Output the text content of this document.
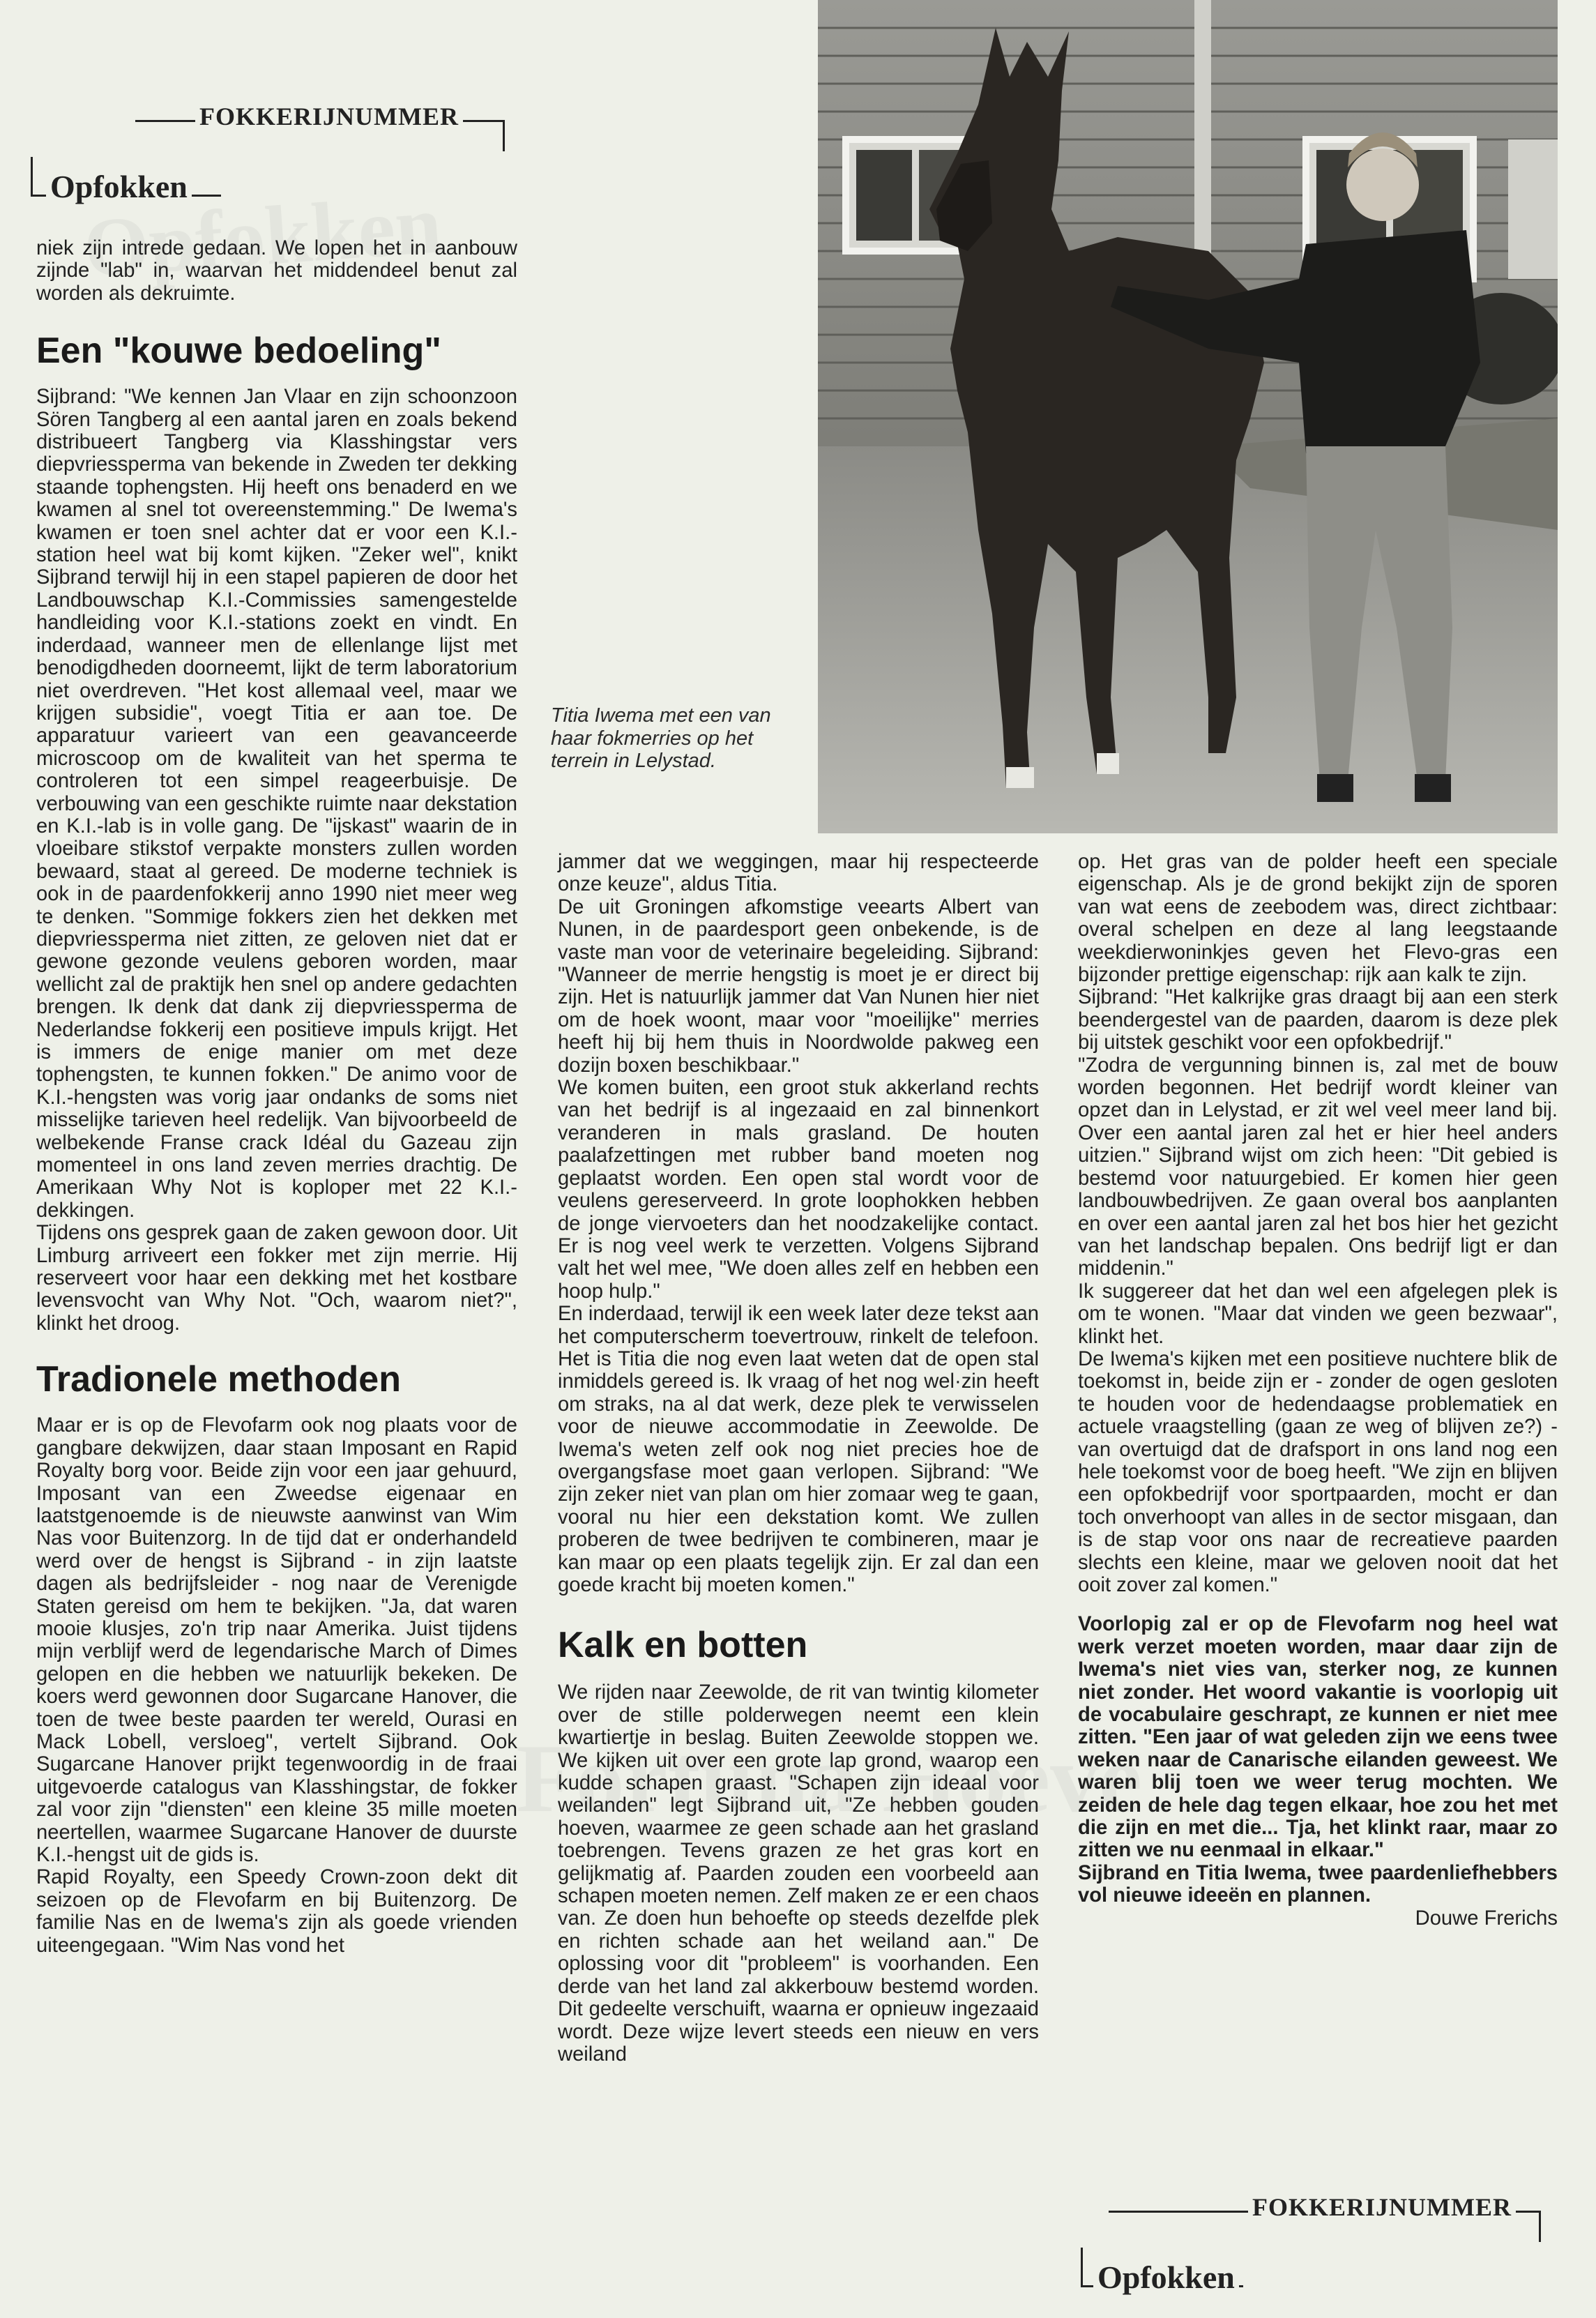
FOKKERIJNUMMER
Opfokken
Titia Iwema met een van haar fokmerries op het terrein in Lelystad.

niek zijn intrede gedaan. We lopen het in aanbouw zijnde "lab" in, waarvan het middendeel benut zal worden als dekruimte.

Een "kouwe bedoeling"

Sijbrand: "We kennen Jan Vlaar en zijn schoonzoon Sören Tangberg al een aantal jaren en zoals bekend distribueert Tangberg via Klasshingstar vers diepvriessperma van bekende in Zweden ter dekking staande tophengsten. Hij heeft ons benaderd en we kwamen al snel tot overeenstemming." De Iwema's kwamen er toen snel achter dat er voor een K.I.-station heel wat bij komt kijken. "Zeker wel", knikt Sijbrand terwijl hij in een stapel papieren de door het Landbouwschap K.I.-Commissies samengestelde handleiding voor K.I.-stations zoekt en vindt. En inderdaad, wanneer men de ellenlange lijst met benodigdheden doorneemt, lijkt de term laboratorium niet overdreven. "Het kost allemaal veel, maar we krijgen subsidie", voegt Titia er aan toe. De apparatuur varieert van een geavanceerde microscoop om de kwaliteit van het sperma te controleren tot een simpel reageerbuisje. De verbouwing van een geschikte ruimte naar dekstation en K.I.-lab is in volle gang. De "ijskast" waarin de in vloeibare stikstof verpakte monsters zullen worden bewaard, staat al gereed. De moderne techniek is ook in de paardenfokkerij anno 1990 niet meer weg te denken. "Sommige fokkers zien het dekken met diepvriessperma niet zitten, ze geloven niet dat er gewone gezonde veulens geboren worden, maar wellicht zal de praktijk hen snel op andere gedachten brengen. Ik denk dat dank zij diepvriessperma de Nederlandse fokkerij een positieve impuls krijgt. Het is immers de enige manier om met deze tophengsten, te kunnen fokken." De animo voor de K.I.-hengsten was vorig jaar ondanks de soms niet misselijke tarieven heel redelijk. Van bijvoorbeeld de welbekende Franse crack Idéal du Gazeau zijn momenteel in ons land zeven merries drachtig. De Amerikaan Why Not is koploper met 22 K.I.-dekkingen.

Tijdens ons gesprek gaan de zaken gewoon door. Uit Limburg arriveert een fokker met zijn merrie. Hij reserveert voor haar een dekking met het kostbare levensvocht van Why Not. "Och, waarom niet?", klinkt het droog.

Tradionele methoden

Maar er is op de Flevofarm ook nog plaats voor de gangbare dekwijzen, daar staan Imposant en Rapid Royalty borg voor. Beide zijn voor een jaar gehuurd, Imposant van een Zweedse eigenaar en laatstgenoemde is de nieuwste aanwinst van Wim Nas voor Buitenzorg. In de tijd dat er onderhandeld werd over de hengst is Sijbrand - in zijn laatste dagen als bedrijfsleider - nog naar de Verenigde Staten gereisd om hem te bekijken. "Ja, dat waren mooie klusjes, zo'n trip naar Amerika. Juist tijdens mijn verblijf werd de legendarische March of Dimes gelopen en die hebben we natuurlijk bekeken. De koers werd gewonnen door Sugarcane Hanover, die toen de twee beste paarden ter wereld, Ourasi en Mack Lobell, versloeg", vertelt Sijbrand. Ook Sugarcane Hanover prijkt tegenwoordig in de fraai uitgevoerde catalogus van Klasshingstar, de fokker zal voor zijn "diensten" een kleine 35 mille moeten neertellen, waarmee Sugarcane Hanover de duurste K.I.-hengst uit de gids is.

Rapid Royalty, een Speedy Crown-zoon dekt dit seizoen op de Flevofarm en bij Buitenzorg. De familie Nas en de Iwema's zijn als goede vrienden uiteengegaan. "Wim Nas vond het

jammer dat we weggingen, maar hij respecteerde onze keuze", aldus Titia.

De uit Groningen afkomstige veearts Albert van Nunen, in de paardesport geen onbekende, is de vaste man voor de veterinaire begeleiding. Sijbrand: "Wanneer de merrie hengstig is moet je er direct bij zijn. Het is natuurlijk jammer dat Van Nunen hier niet om de hoek woont, maar voor "moeilijke" merries heeft hij bij hem thuis in Noordwolde pakweg een dozijn boxen beschikbaar."

We komen buiten, een groot stuk akkerland rechts van het bedrijf is al ingezaaid en zal binnenkort veranderen in mals grasland. De houten paalafzettingen met rubber band moeten nog geplaatst worden. Een open stal wordt voor de veulens gereserveerd. In grote loophokken hebben de jonge viervoeters dan het noodzakelijke contact. Er is nog veel werk te verzetten. Volgens Sijbrand valt het wel mee, "We doen alles zelf en hebben een hoop hulp."

En inderdaad, terwijl ik een week later deze tekst aan het computerscherm toevertrouw, rinkelt de telefoon. Het is Titia die nog even laat weten dat de open stal inmiddels gereed is. Ik vraag of het nog wel·zin heeft om straks, na al dat werk, deze plek te verwisselen voor de nieuwe accommodatie in Zeewolde. De Iwema's weten zelf ook nog niet precies hoe de overgangsfase moet gaan verlopen. Sijbrand: "We zijn zeker niet van plan om hier zomaar weg te gaan, vooral nu hier een dekstation komt. We zullen proberen de twee bedrijven te combineren, maar je kan maar op een plaats tegelijk zijn. Er zal dan een goede kracht bij moeten komen."

Kalk en botten

We rijden naar Zeewolde, de rit van twintig kilometer over de stille polderwegen neemt een klein kwartiertje in beslag. Buiten Zeewolde stoppen we. We kijken uit over een grote lap grond, waarop een kudde schapen graast. "Schapen zijn ideaal voor weilanden" legt Sijbrand uit, "Ze hebben gouden hoeven, waarmee ze geen schade aan het grasland toebrengen. Tevens grazen ze het gras kort en gelijkmatig af. Paarden zouden een voorbeeld aan schapen moeten nemen. Zelf maken ze er een chaos van. Ze doen hun behoefte op steeds dezelfde plek en richten schade aan het weiland aan." De oplossing voor dit "probleem" is voorhanden. Een derde van het land zal akkerbouw bestemd worden. Dit gedeelte verschuift, waarna er opnieuw ingezaaid wordt. Deze wijze levert steeds een nieuw en vers weiland

op. Het gras van de polder heeft een speciale eigenschap. Als je de grond bekijkt zijn de sporen van wat eens de zeebodem was, direct zichtbaar: overal schelpen en deze al lang leegstaande weekdierwoninkjes geven het Flevo-gras een bijzonder prettige eigenschap: rijk aan kalk te zijn.

Sijbrand: "Het kalkrijke gras draagt bij aan een sterk beendergestel van de paarden, daarom is deze plek bij uitstek geschikt voor een opfokbedrijf."

"Zodra de vergunning binnen is, zal met de bouw worden begonnen. Het bedrijf wordt kleiner van opzet dan in Lelystad, er zit wel veel meer land bij. Over een aantal jaren zal het er hier heel anders uitzien." Sijbrand wijst om zich heen: "Dit gebied is bestemd voor natuurgebied. Er komen hier geen landbouwbedrijven. Ze gaan overal bos aanplanten en over een aantal jaren zal het bos hier het gezicht van het landschap bepalen. Ons bedrijf ligt er dan middenin."

Ik suggereer dat het dan wel een afgelegen plek is om te wonen. "Maar dat vinden we geen bezwaar", klinkt het.

De Iwema's kijken met een positieve nuchtere blik de toekomst in, beide zijn er - zonder de ogen gesloten te houden voor de hedendaagse problematiek en actuele vraagstelling (gaan ze weg of blijven ze?) - van overtuigd dat de drafsport in ons land nog een hele toekomst voor de boeg heeft. "We zijn en blijven een opfokbedrijf voor sportpaarden, mocht er dan toch onverhoopt van alles in de sector misgaan, dan is de stap voor ons naar de recreatieve paarden slechts een kleine, maar we geloven nooit dat het ooit zover zal komen."

Voorlopig zal er op de Flevofarm nog heel wat werk verzet moeten worden, maar daar zijn de Iwema's niet vies van, sterker nog, ze kunnen niet zonder. Het woord vakantie is voorlopig uit de vocabulaire geschrapt, ze kunnen er niet mee zitten. "Een jaar of wat geleden zijn we eens twee weken naar de Canarische eilanden geweest. We waren blij toen we weer terug mochten. We zeiden de hele dag tegen elkaar, hoe zou het met die zijn en met die... Tja, het klinkt raar, maar zo zitten we nu eenmaal in elkaar."

Sijbrand en Titia Iwema, twee paardenliefhebbers vol nieuwe ideeën en plannen.

Douwe Frerichs

FOKKERIJNUMMER
Opfokken
